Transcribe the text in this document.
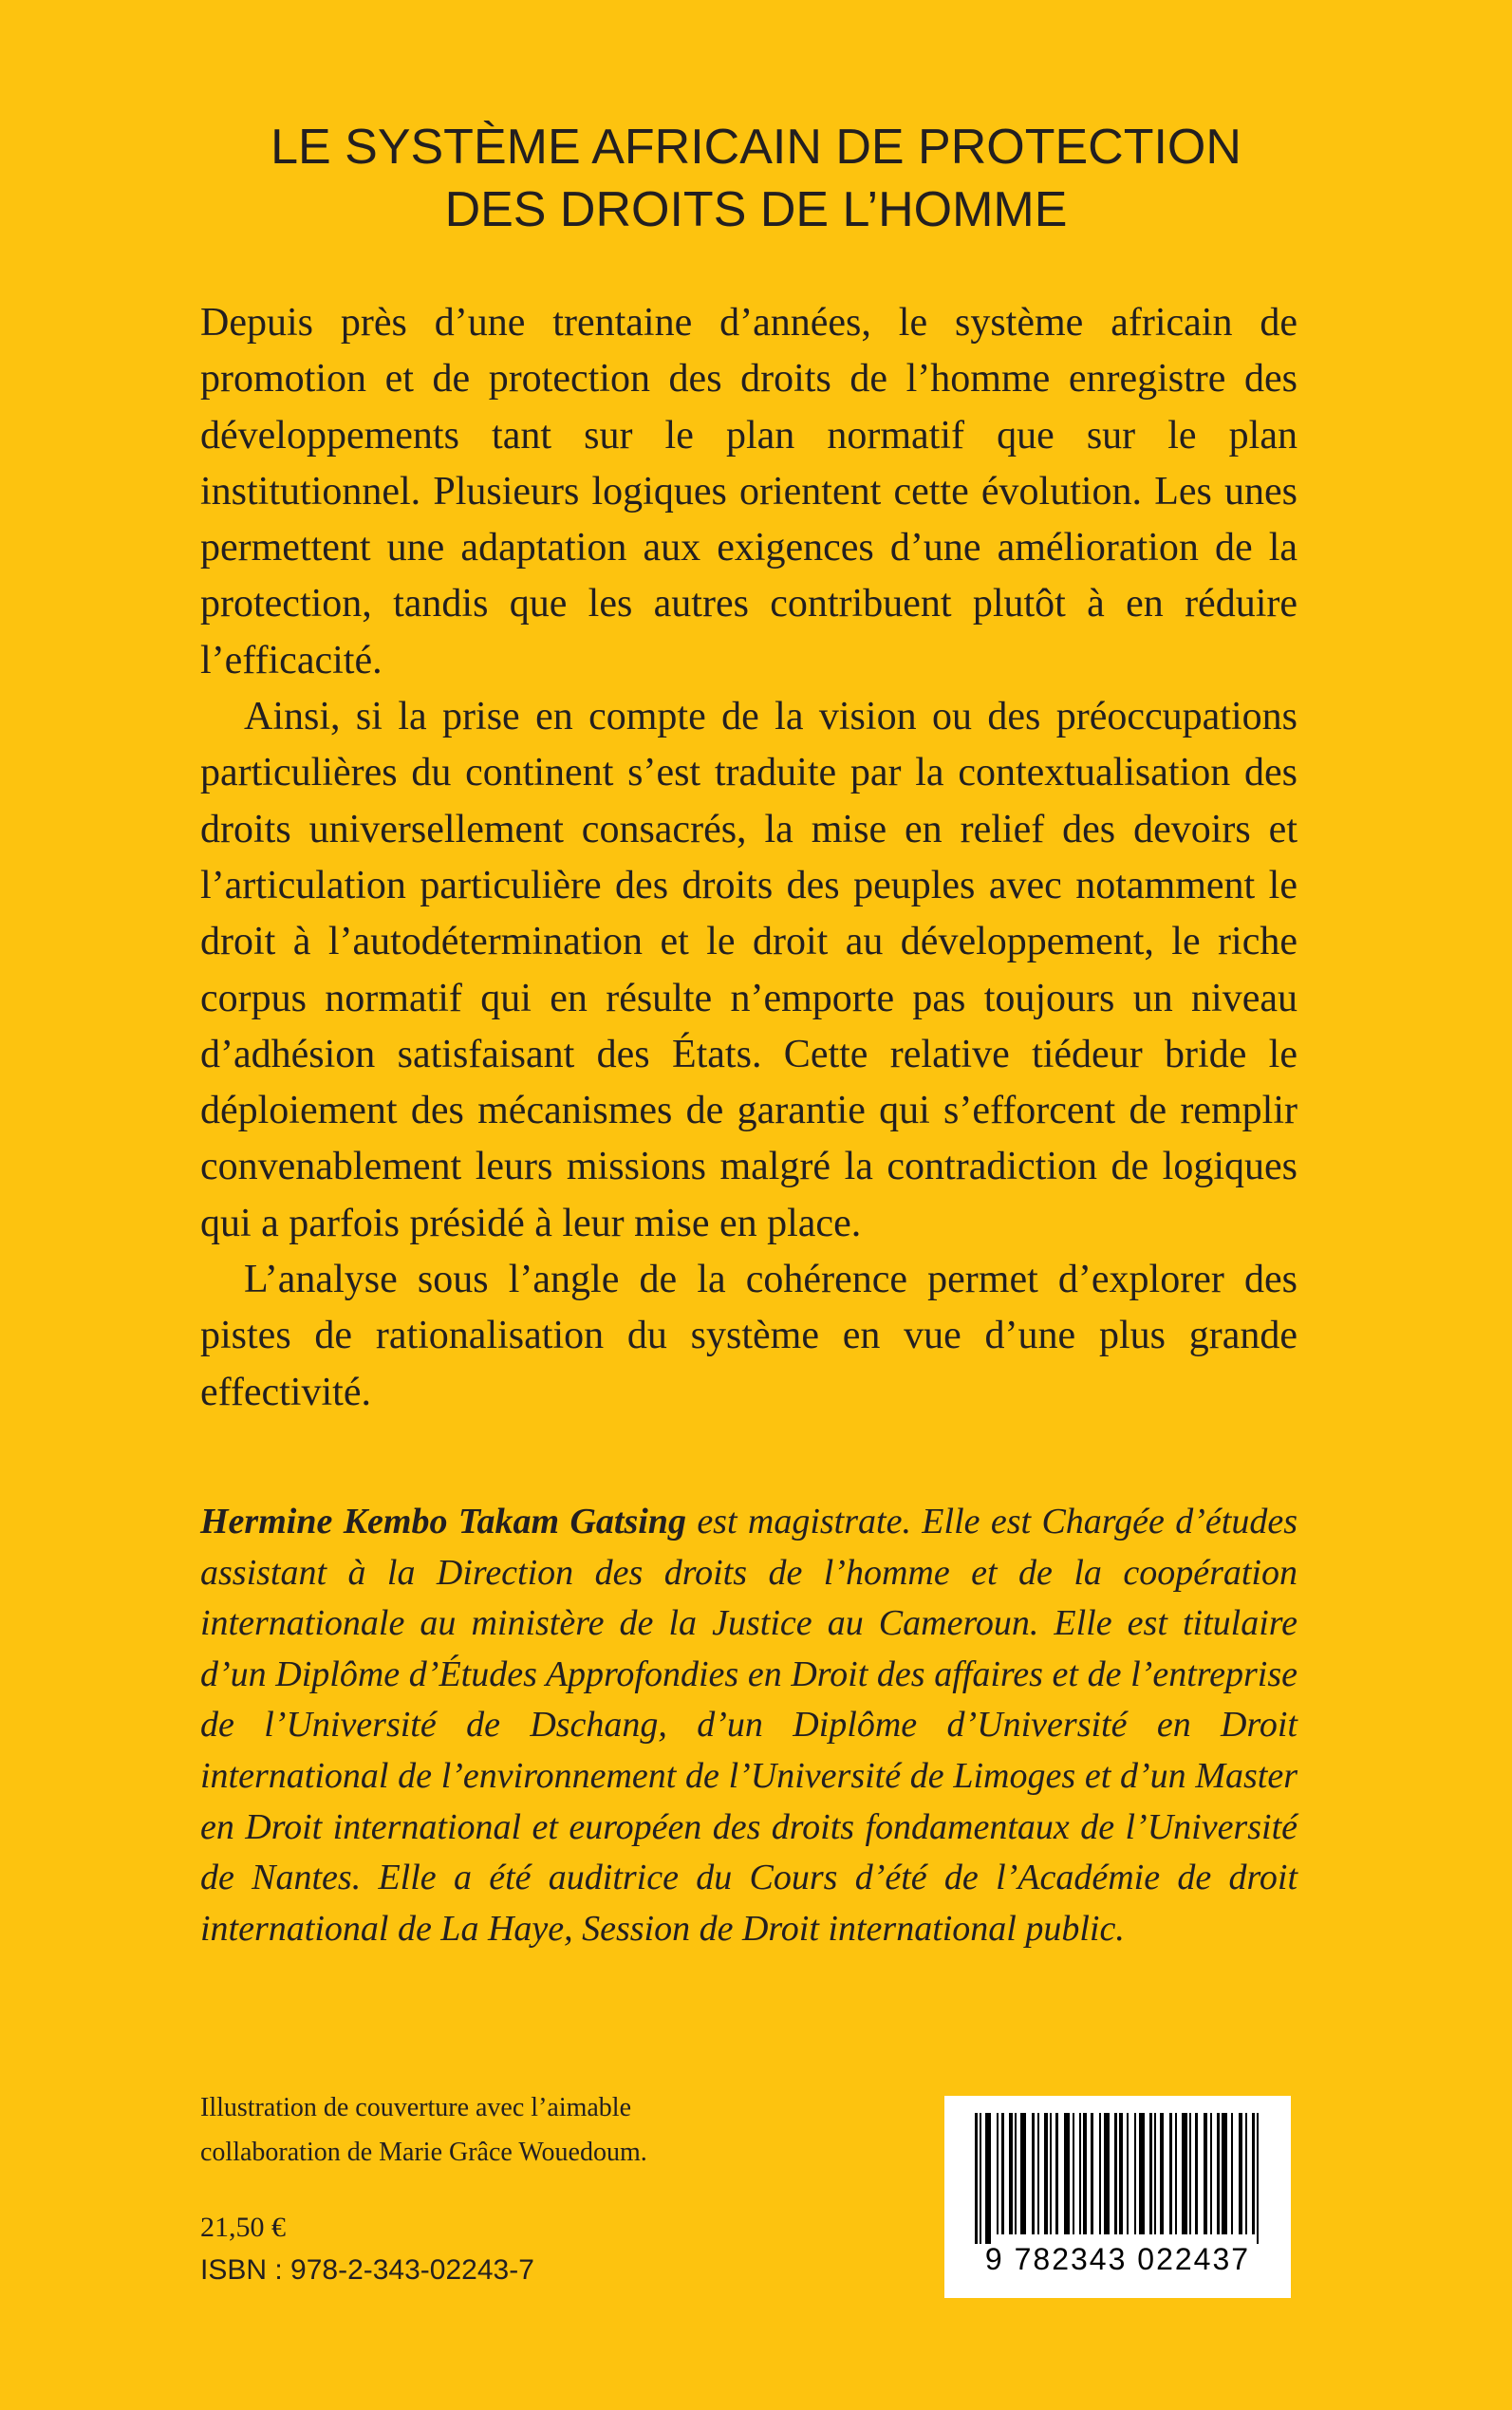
LE SYSTÈME AFRICAIN DE PROTECTION
DES DROITS DE L’HOMME

Depuis près d’une trentaine d’années, le système africain de promotion et de protection des droits de l’homme enregistre des développements tant sur le plan normatif que sur le plan institutionnel. Plusieurs logiques orientent cette évolution. Les unes permettent une adaptation aux exigences d’une amélioration de la protection, tandis que les autres contribuent plutôt à en réduire l’efficacité.

Ainsi, si la prise en compte de la vision ou des préoccupations particulières du continent s’est traduite par la contextualisation des droits universellement consacrés, la mise en relief des devoirs et l’articulation particulière des droits des peuples avec notamment le droit à l’autodétermination et le droit au développement, le riche corpus normatif qui en résulte n’emporte pas toujours un niveau d’adhésion satisfaisant des États. Cette relative tiédeur bride le déploiement des mécanismes de garantie qui s’efforcent de remplir convenablement leurs missions malgré la contradiction de logiques qui a parfois présidé à leur mise en place.

L’analyse sous l’angle de la cohérence permet d’explorer des pistes de rationalisation du système en vue d’une plus grande effectivité.

Hermine Kembo Takam Gatsing est magistrate. Elle est Chargée d’études assistant à la Direction des droits de l’homme et de la coopération internationale au ministère de la Justice au Cameroun. Elle est titulaire d’un Diplôme d’Études Approfondies en Droit des affaires et de l’entreprise de l’Université de Dschang, d’un Diplôme d’Université en Droit international de l’environnement de l’Université de Limoges et d’un Master en Droit international et européen des droits fondamentaux de l’Université de Nantes. Elle a été auditrice du Cours d’été de l’Académie de droit international de La Haye, Session de Droit international public.
Illustration de couverture avec l’aimable
collaboration de Marie Grâce Wouedoum.
21,50 €
ISBN : 978-2-343-02243-7	9 782343 022437
